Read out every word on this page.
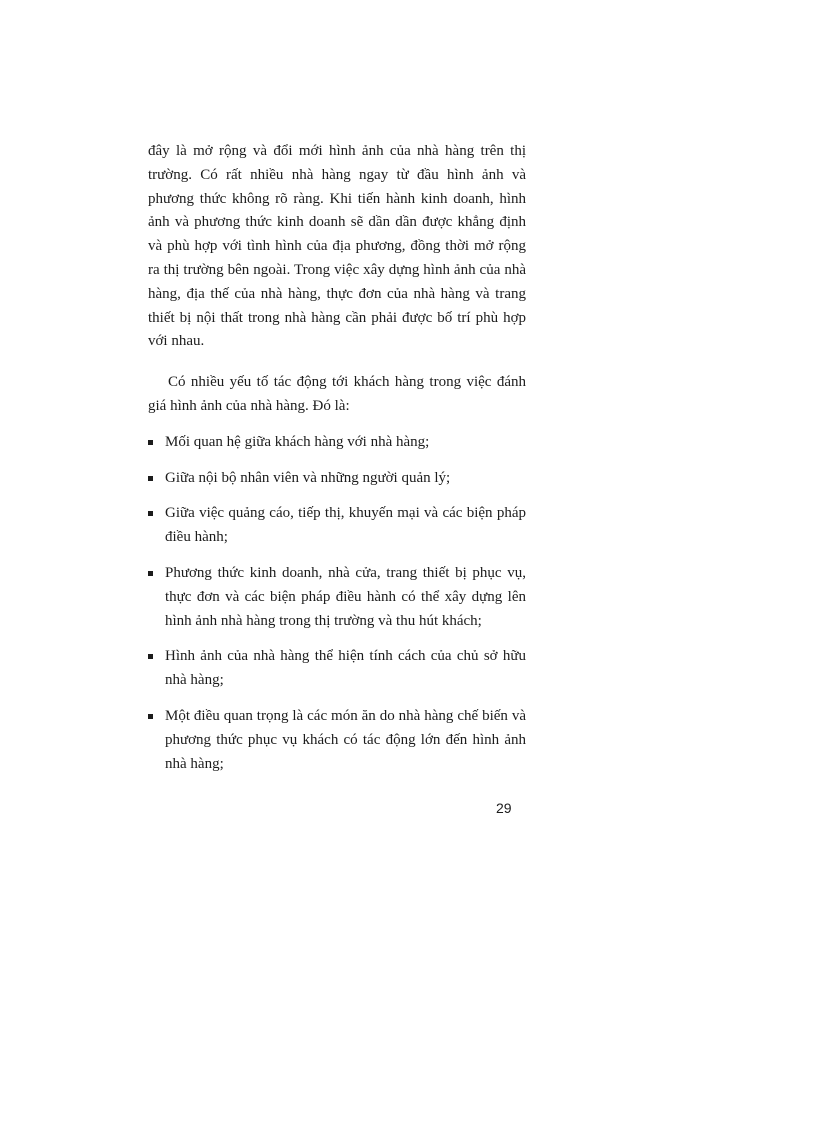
đây là mở rộng và đổi mới hình ảnh của nhà hàng trên thị trường. Có rất nhiều nhà hàng ngay từ đầu hình ảnh và phương thức không rõ ràng. Khi tiến hành kinh doanh, hình ảnh và phương thức kinh doanh sẽ dần dần được khẳng định và phù hợp với tình hình của địa phương, đồng thời mở rộng ra thị trường bên ngoài. Trong việc xây dựng hình ảnh của nhà hàng, địa thế của nhà hàng, thực đơn của nhà hàng và trang thiết bị nội thất trong nhà hàng cần phải được bố trí phù hợp với nhau.

Có nhiều yếu tố tác động tới khách hàng trong việc đánh giá hình ảnh của nhà hàng. Đó là:

Mối quan hệ giữa khách hàng với nhà hàng;
Giữa nội bộ nhân viên và những người quản lý;
Giữa việc quảng cáo, tiếp thị, khuyến mại và các biện pháp điều hành;
Phương thức kinh doanh, nhà cửa, trang thiết bị phục vụ, thực đơn và các biện pháp điều hành có thể xây dựng lên hình ảnh nhà hàng trong thị trường và thu hút khách;
Hình ảnh của nhà hàng thể hiện tính cách của chủ sở hữu nhà hàng;
Một điều quan trọng là các món ăn do nhà hàng chế biến và phương thức phục vụ khách có tác động lớn đến hình ảnh nhà hàng;
29
